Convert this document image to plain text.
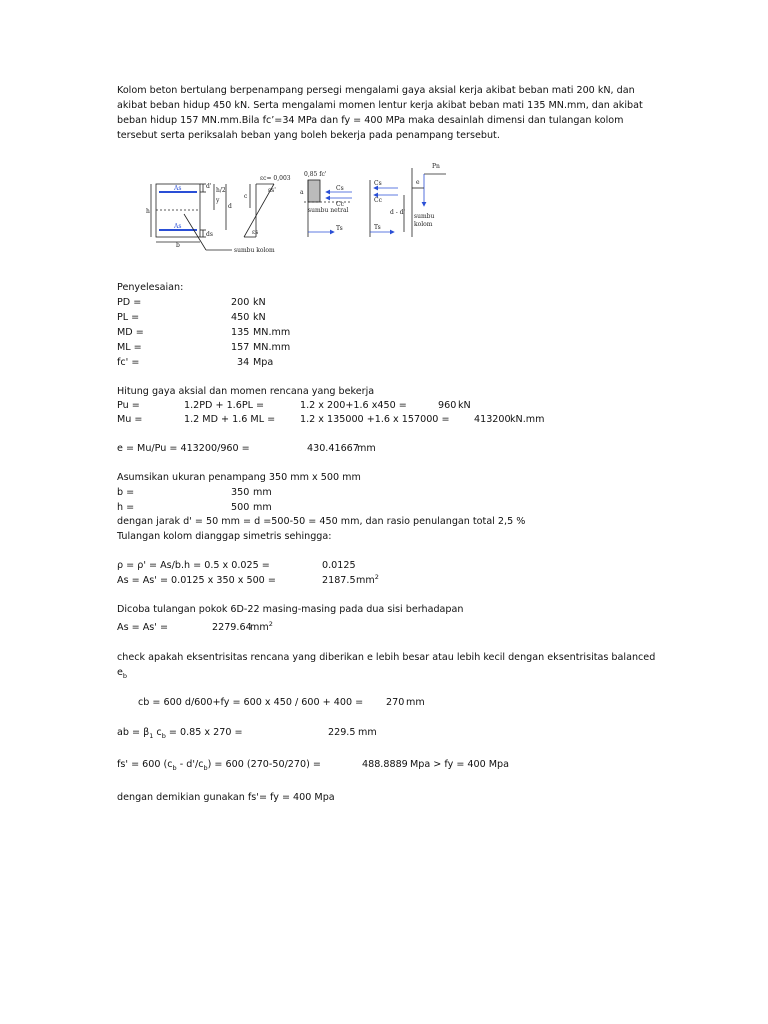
Kolom beton bertulang berpenampang persegi mengalami gaya aksial kerja akibat beban mati 200 kN, dan
akibat beban hidup 450 kN. Serta mengalami momen lentur kerja akibat beban mati 135 MN.mm, dan akibat
beban hidup 157 MN.mm.Bila fc’=34 MPa dan fy = 400 MPa maka desainlah dimensi dan tulangan kolom
tersebut serta periksalah beban yang boleh bekerja pada penampang tersebut.
As
As
d'
h
h/2
y
d
ds
b
sumbu kolom
εc= 0,003
εs'
c
εs
0,85 fc'
a
Cs
Cc
sumbu netral
Ts
Cs
Cc
Ts
d - d'
Pn
e
sumbu
kolom
Penyelesaian:
PD =	200 kN
PL =	450 kN
MD =	135 MN.mm
ML =	157 MN.mm
fc' =	34 Mpa
Hitung gaya aksial dan momen rencana yang bekerja
Pu =	1.2PD + 1.6PL =	1.2 x 200+1.6 x450 =	960 kN
Mu =	1.2 MD + 1.6 ML =	1.2 x 135000 +1.6 x 157000 =	413200 kN.mm
e = Mu/Pu = 413200/960 =	430.41667
mm
Asumsikan ukuran penampang 350 mm x 500 mm
b =	350 mm
h =	500 mm
dengan jarak d' = 50 mm = d =500-50 = 450 mm, dan rasio penulangan total 2,5 %
Tulangan kolom dianggap simetris sehingga:
ρ = ρ' = As/b.h = 0.5 x 0.025 =	0.0125
As = As' = 0.0125 x 350 x 500 =	2187.5 $mm^2$
Dicoba tulangan pokok 6D-22 masing-masing pada dua sisi berhadapan
As = As' =	2279.64
$mm^2$
check apakah eksentrisitas rencana yang diberikan e lebih besar atau lebih kecil dengan eksentrisitas balanced
$e_b$
cb = 600 d/600+fy = 600 x 450 / 600 + 400 = 270 mm
ab = $\beta_1$ $c_b = 0.85$ x 270 =	229.5 mm
fs' = 600 $(c_b - d'/c_b) = 600$ (270-50/270) =	488.8889 Mpa > fy = 400 Mpa
dengan demikian gunakan fs'= fy = 400 Mpa
